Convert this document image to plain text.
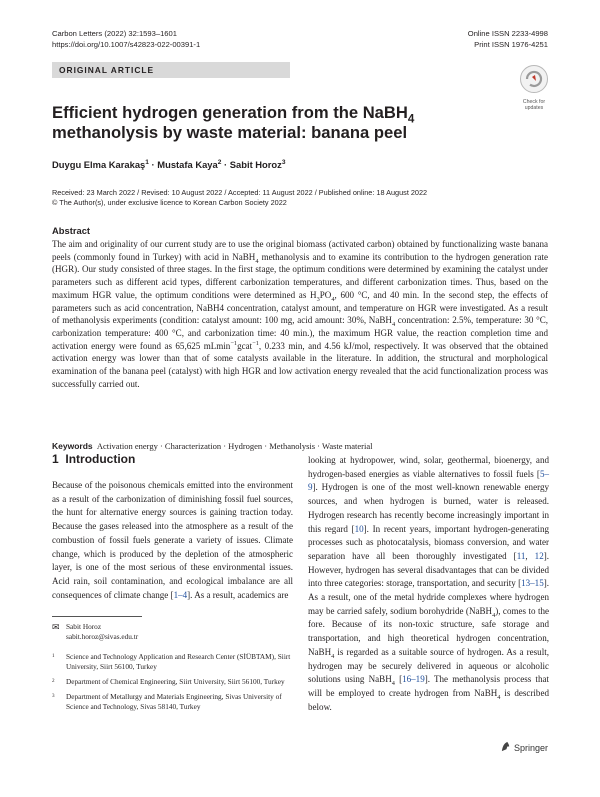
Carbon Letters (2022) 32:1593–1601
https://doi.org/10.1007/s42823-022-00391-1
Online ISSN 2233-4998
Print ISSN 1976-4251
ORIGINAL ARTICLE
Check for
updates
Efficient hydrogen generation from the NaBH$_4$ methanolysis by waste material: banana peel
Duygu Elma Karakaş$^1$ · Mustafa Kaya$^2$ · Sabit Horoz$^3$
Received: 23 March 2022 / Revised: 10 August 2022 / Accepted: 11 August 2022 / Published online: 18 August 2022
© The Author(s), under exclusive licence to Korean Carbon Society 2022
Abstract
The aim and originality of our current study are to use the original biomass (activated carbon) obtained by functionalizing waste banana peels (commonly found in Turkey) with acid in NaBH$_4$ methanolysis and to examine its contribution to the hydrogen generation rate (HGR). Our study consisted of three stages. In the first stage, the optimum conditions were determined by examining the catalyst under parameters such as different acid types, different carbonization temperatures, and different carbonization times. Thus, based on the maximum HGR value, the optimum conditions were determined as $H_3PO_4$, 600 °C, and 40 min. In the second step, the effects of parameters such as acid concentration, NaBH4 concentration, catalyst amount, and temperature on HGR were investigated. As a result of methanolysis experiments (condition: catalyst amount: 100 mg, acid amount: 30%, NaBH$_4$ concentration: 2.5%, temperature: 30 °C, carbonization temperature: 400 °C, and carbonization time: 40 min.), the maximum HGR value, the reaction completion time and activation energy were found as 65,625 mLmin$^{-1}$gcat$^{-1}$, 0.233 min, and 4.56 kJ/mol, respectively. It was observed that the obtained activation energy was lower than that of some catalysts available in the literature. In addition, the structural and morphological examination of the banana peel (catalyst) with high HGR and low activation energy revealed that the acid functionalization process was successfully carried out.
Keywords Activation energy · Characterization · Hydrogen · Methanolysis · Waste material
1 Introduction
Because of the poisonous chemicals emitted into the environment as a result of the carbonization of diminishing fossil fuel sources, the hunt for alternative energy sources is gaining traction today. Because the gases released into the atmosphere as a result of the combustion of fossil fuels generate a variety of issues. Climate change, which is produced by the depletion of the atmospheric layer, is one of the most serious of these environmental issues. Acid rain, soil contamination, and ecological imbalance are all consequences of climate change [1–4]. As a result, academics are
looking at hydropower, wind, solar, geothermal, bioenergy, and hydrogen-based energies as viable alternatives to fossil fuels [5–9]. Hydrogen is one of the most well-known renewable energy sources, and when hydrogen is burned, water is released. Hydrogen research has recently become increasingly important in this regard [10]. In recent years, important hydrogen-generating processes such as photocatalysis, biomass conversion, and water separation have all been thoroughly investigated [11, 12]. However, hydrogen has several disadvantages that can be divided into three categories: storage, transportation, and security [13–15]. As a result, one of the metal hydride complexes where hydrogen may be carried safely, sodium borohydride (NaBH$_4$), comes to the fore. Because of its non-toxic structure, safe storage and transportation, and high theoretical hydrogen concentration, NaBH$_4$ is regarded as a suitable source of hydrogen. As a result, hydrogen may be securely delivered in aqueous or alcoholic solutions using NaBH$_4$ [16–19]. The methanolysis process that will be employed to create hydrogen from NaBH$_4$ is described below.
✉ Sabit Horoz
sabit.horoz@sivas.edu.tr
1 Science and Technology Application and Research Center (SİÜBTAM), Siirt University, Siirt 56100, Turkey
2 Department of Chemical Engineering, Siirt University, Siirt 56100, Turkey
3 Department of Metallurgy and Materials Engineering, Sivas University of Science and Technology, Sivas 58140, Turkey
Springer
